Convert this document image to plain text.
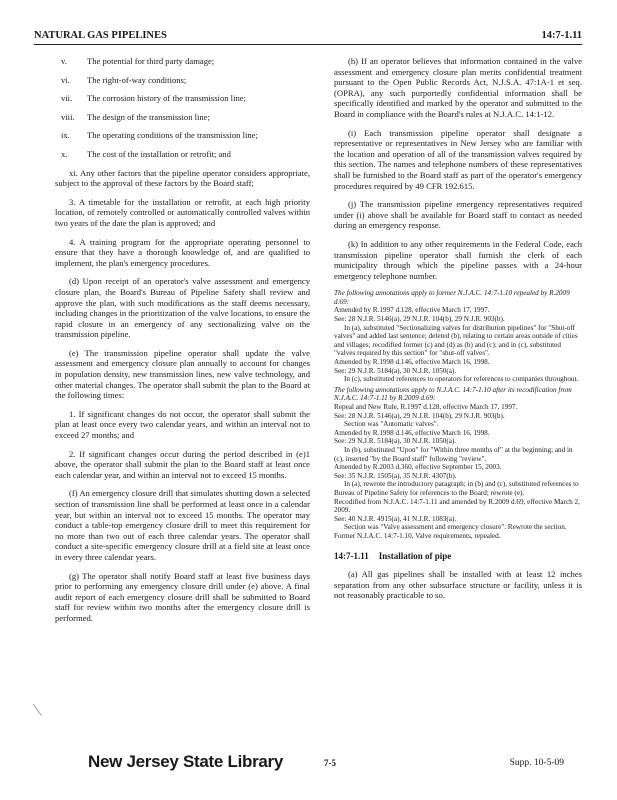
NATURAL GAS PIPELINES	14:7-1.11
v. The potential for third party damage;
vi. The right-of-way conditions;
vii. The corrosion history of the transmission line;
viii. The design of the transmission line;
ix. The operating conditions of the transmission line;
x. The cost of the installation or retrofit; and

xi. Any other factors that the pipeline operator considers appropriate, subject to the approval of these factors by the Board staff;

3. A timetable for the installation or retrofit, at each high priority location, of remotely controlled or automatically controlled valves within two years of the date the plan is approved; and

4. A training program for the appropriate operating personnel to ensure that they have a thorough knowledge of, and are qualified to implement, the plan's emergency procedures.

(d) Upon receipt of an operator's valve assessment and emergency closure plan, the Board's Bureau of Pipeline Safety shall review and approve the plan, with such modifications as the staff deems necessary, including changes in the prioritization of the valve locations, to ensure the rapid closure in an emergency of any sectionalizing valve on the transmission pipeline.

(e) The transmission pipeline operator shall update the valve assessment and emergency closure plan annually to account for changes in population density, new transmission lines, new valve technology, and other material changes. The operator shall submit the plan to the Board at the following times:

1. If significant changes do not occur, the operator shall submit the plan at least once every two calendar years, and within an interval not to exceed 27 months; and

2. If significant changes occur during the period described in (e)1 above, the operator shall submit the plan to the Board staff at least once each calendar year, and within an interval not to exceed 15 months.

(f) An emergency closure drill that simulates shutting down a selected section of transmission line shall be performed at least once in a calendar year, but within an interval not to exceed 15 months. The operator may conduct a table-top emergency closure drill to meet this requirement for no more than two out of each three calendar years. The operator shall conduct a site-specific emergency closure drill at a field site at least once in every three calendar years.

(g) The operator shall notify Board staff at least five business days prior to performing any emergency closure drill under (e) above. A final audit report of each emergency closure drill shall be submitted to Board staff for review within two months after the emergency closure drill is performed.

(h) If an operator believes that information contained in the valve assessment and emergency closure plan merits confidential treatment pursuant to the Open Public Records Act, N.J.S.A. 47:1A-1 et seq. (OPRA), any such purportedly confidential information shall be specifically identified and marked by the operator and submitted to the Board in compliance with the Board's rules at N.J.A.C. 14:1-12.

(i) Each transmission pipeline operator shall designate a representative or representatives in New Jersey who are familiar with the location and operation of all of the transmission valves required by this section. The names and telephone numbers of these representatives shall be furnished to the Board staff as part of the operator's emergency procedures required by 49 CFR 192.615.

(j) The transmission pipeline emergency representatives required under (i) above shall be available for Board staff to contact as needed during an emergency response.

(k) In addition to any other requirements in the Federal Code, each transmission pipeline operator shall furnish the clerk of each municipality through which the pipeline passes with a 24-hour emergency telephone number.

The following annotations apply to former N.J.A.C. 14:7-1.10 repealed by R.2009 d.69:

Amended by R.1997 d.128, effective March 17, 1997.

See: 28 N.J.R. 5146(a), 29 N.J.R. 104(b), 29 N.J.R. 903(b).

In (a), substituted "Sectionalizing valves for distribution pipelines" for "Shut-off valves" and added last sentence; deleted (b), relating to certain areas outside of cities and villages; recodified former (c) and (d) as (b) and (c); and in (c), substituted "valves required by this section" for "shut-off valves".

Amended by R.1998 d.146, effective March 16, 1998.

See: 29 N.J.R. 5184(a), 30 N.J.R. 1050(a).

In (c), substituted references to operators for references to companies throughout.

The following annotations apply to N.J.A.C. 14:7-1.10 after its recodification from N.J.A.C. 14:7-1.11 by R.2009 d.69:

Repeal and New Rule, R.1997 d.128, effective March 17, 1997.

See: 28 N.J.R. 5146(a), 29 N.J.R. 104(b), 29 N.J.R. 903(b).

Section was "Automatic valves".

Amended by R.1998 d.146, effective March 16, 1998.

See: 29 N.J.R. 5184(a), 30 N.J.R. 1050(a).

In (b), substituted "Upon" for "Within three months of" at the beginning; and in (c), inserted "by the Board staff" following "review".

Amended by R.2003 d.360, effective September 15, 2003.

See: 35 N.J.R. 1505(a), 35 N.J.R. 4307(b).

In (a), rewrote the introductory paragraph; in (b) and (c), substituted references to Bureau of Pipeline Safety for references to the Board; rewrote (e).

Recodified from N.J.A.C. 14:7-1.11 and amended by R.2009 d.69, effective March 2, 2009.

See: 40 N.J.R. 4915(a), 41 N.J.R. 1083(a).

Section was "Valve assessment and emergency closure". Rewrote the section. Former N.J.A.C. 14:7-1.10, Valve requirements, repealed.

14:7-1.11 Installation of pipe

(a) All gas pipelines shall be installed with at least 12 inches separation from any other subsurface structure or facility, unless it is not reasonably practicable to so.

New Jersey State Library	7-5	Supp. 10-5-09
